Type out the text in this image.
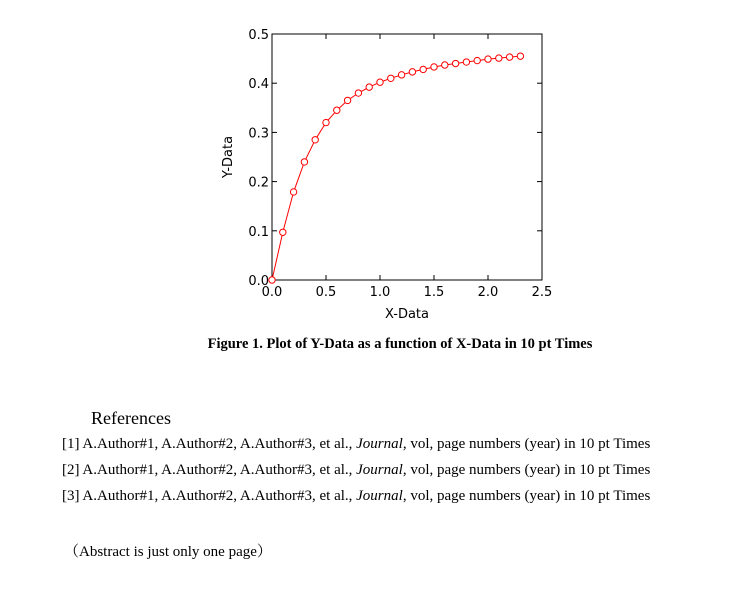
0.0	0.5	1.0	1.5	2.0	2.5
0.0
0.1
0.2
0.3
0.4
0.5
X-Data
Y-Data
Figure 1. Plot of Y-Data as a function of X-Data in 10 pt Times
References
[1] A.Author#1, A.Author#2, A.Author#3, et al., Journal, vol, page numbers (year) in 10 pt Times
[2] A.Author#1, A.Author#2, A.Author#3, et al., Journal, vol, page numbers (year) in 10 pt Times
[3] A.Author#1, A.Author#2, A.Author#3, et al., Journal, vol, page numbers (year) in 10 pt Times
（Abstract is just only one page）
